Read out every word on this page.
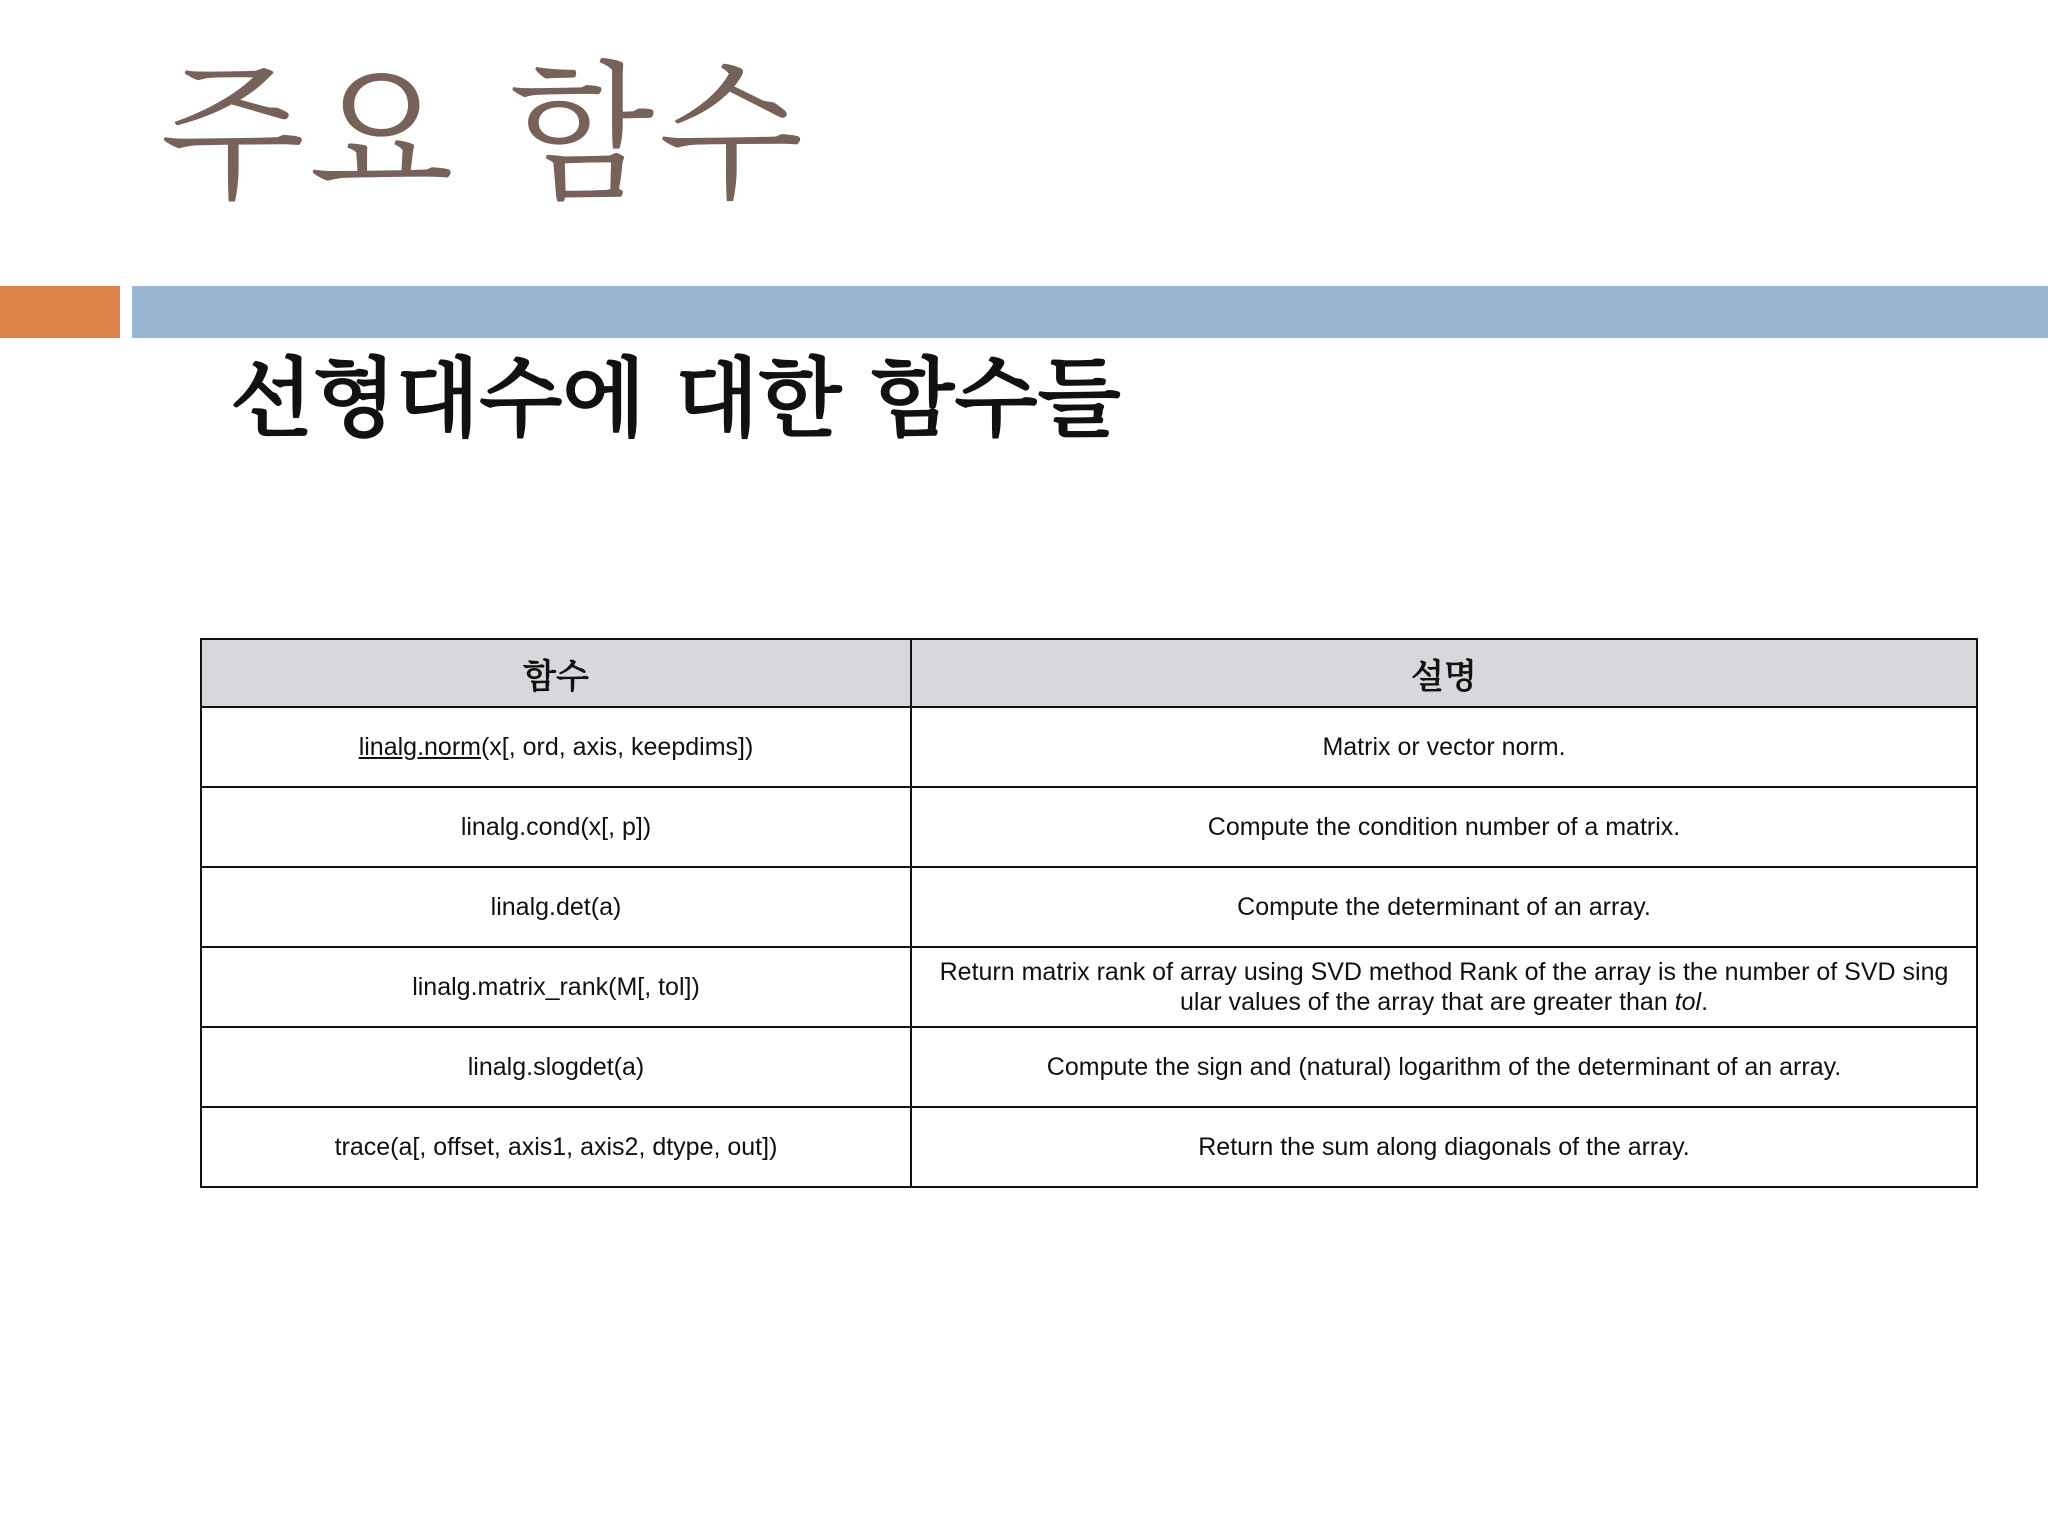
주요 함수
선형대수에 대한 함수들
함수	설명
linalg.norm(x[, ord, axis, keepdims])	Matrix or vector norm.
linalg.cond(x[, p])	Compute the condition number of a matrix.
linalg.det(a)	Compute the determinant of an array.
linalg.matrix_rank(M[, tol])	Return matrix rank of array using SVD method Rank of the array is the number of SVD sing
ular values of the array that are greater than tol.
linalg.slogdet(a)	Compute the sign and (natural) logarithm of the determinant of an array.
trace(a[, offset, axis1, axis2, dtype, out])	Return the sum along diagonals of the array.
